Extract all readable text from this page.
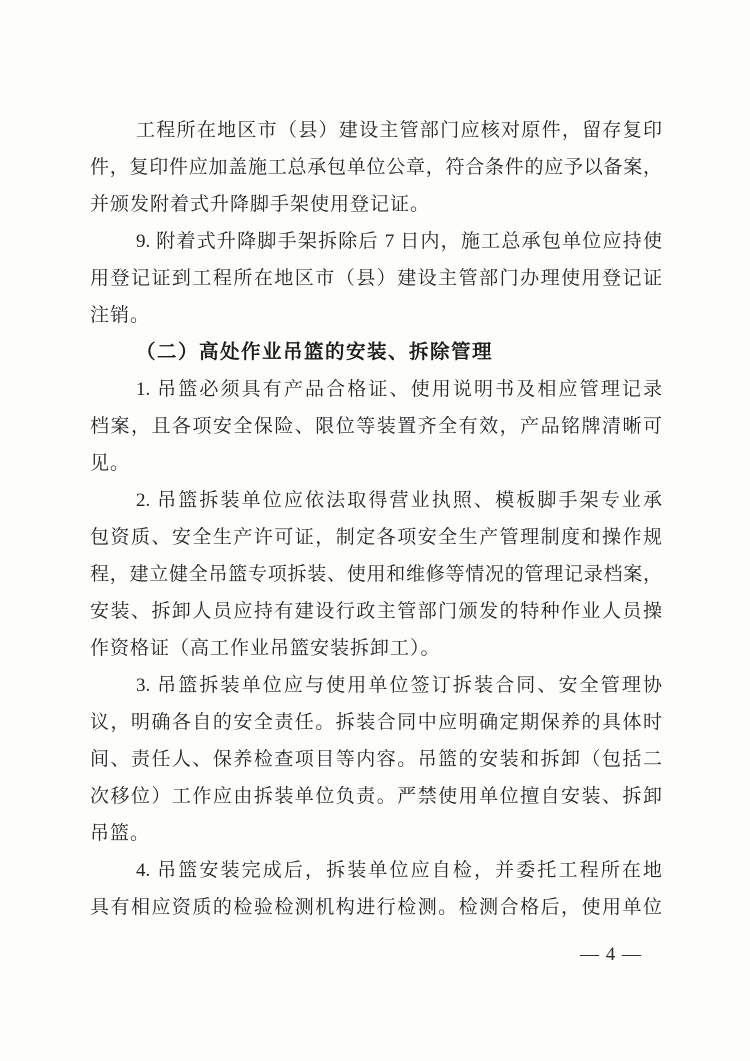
工程所在地区市（县）建设主管部门应核对原件，留存复印

件，复印件应加盖施工总承包单位公章，符合条件的应予以备案，

并颁发附着式升降脚手架使用登记证。

9. 附着式升降脚手架拆除后 7 日内，施工总承包单位应持使

用登记证到工程所在地区市（县）建设主管部门办理使用登记证

注销。

（二）高处作业吊篮的安装、拆除管理

1. 吊篮必须具有产品合格证、使用说明书及相应管理记录

档案，且各项安全保险、限位等装置齐全有效，产品铭牌清晰可

见。

2. 吊篮拆装单位应依法取得营业执照、模板脚手架专业承

包资质、安全生产许可证，制定各项安全生产管理制度和操作规

程，建立健全吊篮专项拆装、使用和维修等情况的管理记录档案，

安装、拆卸人员应持有建设行政主管部门颁发的特种作业人员操

作资格证（高工作业吊篮安装拆卸工）。

3. 吊篮拆装单位应与使用单位签订拆装合同、安全管理协

议，明确各自的安全责任。拆装合同中应明确定期保养的具体时

间、责任人、保养检查项目等内容。吊篮的安装和拆卸（包括二

次移位）工作应由拆装单位负责。严禁使用单位擅自安装、拆卸

吊篮。

4. 吊篮安装完成后，拆装单位应自检，并委托工程所在地

具有相应资质的检验检测机构进行检测。检测合格后，使用单位

— 4 —
